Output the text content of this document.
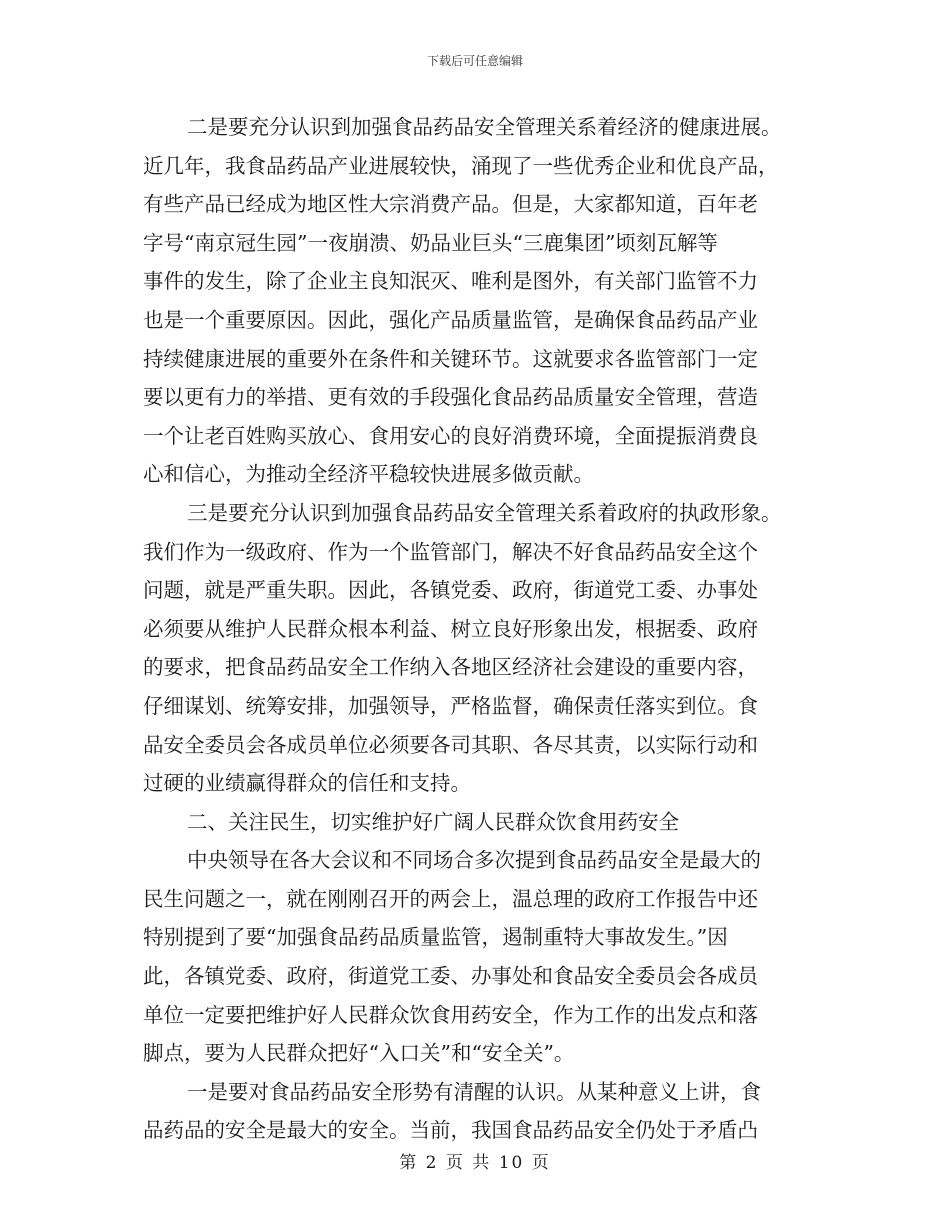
下载后可任意编辑
二是要充分认识到加强食品药品安全管理关系着经济的健康进展。
近几年，我食品药品产业进展较快，涌现了一些优秀企业和优良产品，
有些产品已经成为地区性大宗消费产品。但是，大家都知道，百年老
字号“南京冠生园”一夜崩溃、奶品业巨头“三鹿集团”顷刻瓦解等
事件的发生，除了企业主良知泯灭、唯利是图外，有关部门监管不力
也是一个重要原因。因此，强化产品质量监管，是确保食品药品产业
持续健康进展的重要外在条件和关键环节。这就要求各监管部门一定
要以更有力的举措、更有效的手段强化食品药品质量安全管理，营造
一个让老百姓购买放心、食用安心的良好消费环境，全面提振消费良
心和信心，为推动全经济平稳较快进展多做贡献。
三是要充分认识到加强食品药品安全管理关系着政府的执政形象。
我们作为一级政府、作为一个监管部门，解决不好食品药品安全这个
问题，就是严重失职。因此，各镇党委、政府，街道党工委、办事处
必须要从维护人民群众根本利益、树立良好形象出发，根据委、政府
的要求，把食品药品安全工作纳入各地区经济社会建设的重要内容，
仔细谋划、统筹安排，加强领导，严格监督，确保责任落实到位。食
品安全委员会各成员单位必须要各司其职、各尽其责，以实际行动和
过硬的业绩赢得群众的信任和支持。
二、关注民生，切实维护好广阔人民群众饮食用药安全
中央领导在各大会议和不同场合多次提到食品药品安全是最大的
民生问题之一，就在刚刚召开的两会上，温总理的政府工作报告中还
特别提到了要“加强食品药品质量监管，遏制重特大事故发生。”因
此，各镇党委、政府，街道党工委、办事处和食品安全委员会各成员
单位一定要把维护好人民群众饮食用药安全，作为工作的出发点和落
脚点，要为人民群众把好“入口关”和“安全关”。
一是要对食品药品安全形势有清醒的认识。从某种意义上讲，食
品药品的安全是最大的安全。当前，我国食品药品安全仍处于矛盾凸
第 2 页 共 10 页
